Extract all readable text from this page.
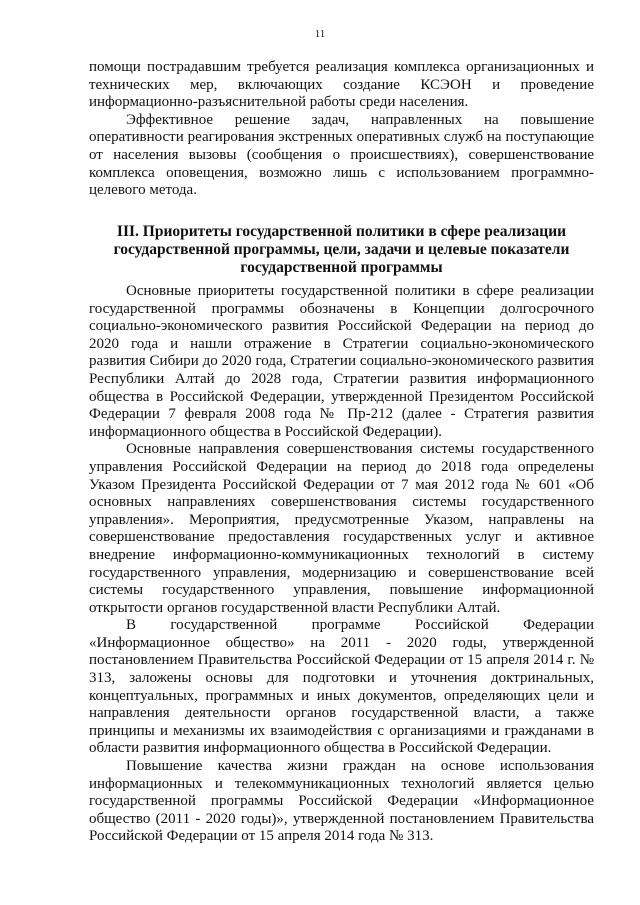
11

помощи пострадавшим требуется реализация комплекса организационных и технических мер, включающих создание КСЭОН и проведение информационно-разъяснительной работы среди населения.

Эффективное решение задач, направленных на повышение оперативности реагирования экстренных оперативных служб на поступающие от населения вызовы (сообщения о происшествиях), совершенствование комплекса оповещения, возможно лишь с использованием программно-целевого метода.

III. Приоритеты государственной политики в сфере реализации государственной программы, цели, задачи и целевые показатели государственной программы

Основные приоритеты государственной политики в сфере реализации государственной программы обозначены в Концепции долгосрочного социально-экономического развития Российской Федерации на период до 2020 года и нашли отражение в Стратегии социально-экономического развития Сибири до 2020 года, Стратегии социально-экономического развития Республики Алтай до 2028 года, Стратегии развития информационного общества в Российской Федерации, утвержденной Президентом Российской Федерации 7 февраля 2008 года № Пр-212 (далее - Стратегия развития информационного общества в Российской Федерации).

Основные направления совершенствования системы государственного управления Российской Федерации на период до 2018 года определены Указом Президента Российской Федерации от 7 мая 2012 года № 601 «Об основных направлениях совершенствования системы государственного управления». Мероприятия, предусмотренные Указом, направлены на совершенствование предоставления государственных услуг и активное внедрение информационно-коммуникационных технологий в систему государственного управления, модернизацию и совершенствование всей системы государственного управления, повышение информационной открытости органов государственной власти Республики Алтай.

В государственной программе Российской Федерации «Информационное общество» на 2011 - 2020 годы, утвержденной постановлением Правительства Российской Федерации от 15 апреля 2014 г. № 313, заложены основы для подготовки и уточнения доктринальных, концептуальных, программных и иных документов, определяющих цели и направления деятельности органов государственной власти, а также принципы и механизмы их взаимодействия с организациями и гражданами в области развития информационного общества в Российской Федерации.

Повышение качества жизни граждан на основе использования информационных и телекоммуникационных технологий является целью государственной программы Российской Федерации «Информационное общество (2011 - 2020 годы)», утвержденной постановлением Правительства Российской Федерации от 15 апреля 2014 года № 313.
